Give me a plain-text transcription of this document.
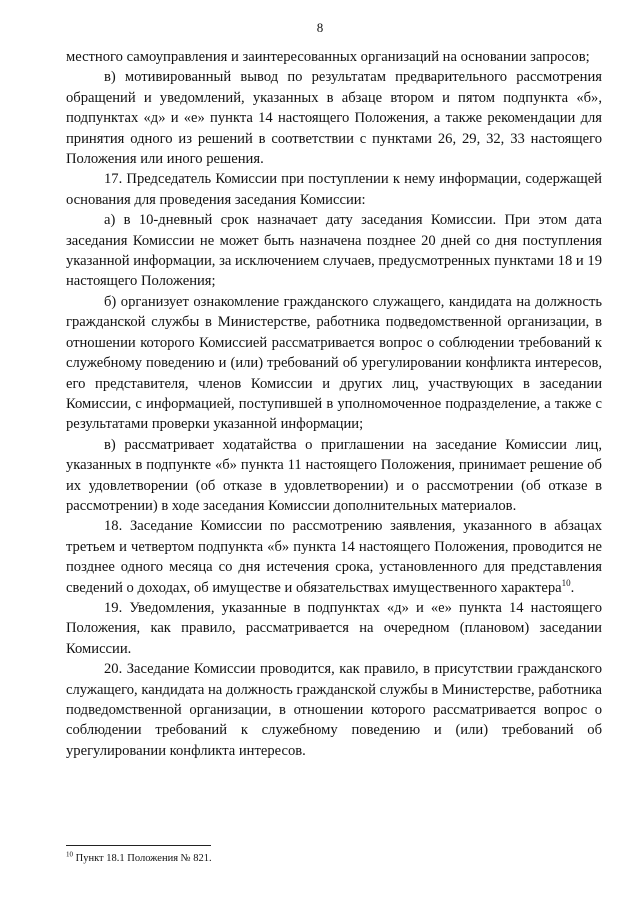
8

местного самоуправления и заинтересованных организаций на основании запросов;

в) мотивированный вывод по результатам предварительного рассмотрения обращений и уведомлений, указанных в абзаце втором и пятом подпункта «б», подпунктах «д» и «е» пункта 14 настоящего Положения, а также рекомендации для принятия одного из решений в соответствии с пунктами 26, 29, 32, 33 настоящего Положения или иного решения.

17. Председатель Комиссии при поступлении к нему информации, содержащей основания для проведения заседания Комиссии:

а) в 10-дневный срок назначает дату заседания Комиссии. При этом дата заседания Комиссии не может быть назначена позднее 20 дней со дня поступления указанной информации, за исключением случаев, предусмотренных пунктами 18 и 19 настоящего Положения;

б) организует ознакомление гражданского служащего, кандидата на должность гражданской службы в Министерстве, работника подведомственной организации, в отношении которого Комиссией рассматривается вопрос о соблюдении требований к служебному поведению и (или) требований об урегулировании конфликта интересов, его представителя, членов Комиссии и других лиц, участвующих в заседании Комиссии, с информацией, поступившей в уполномоченное подразделение, а также с результатами проверки указанной информации;

в) рассматривает ходатайства о приглашении на заседание Комиссии лиц, указанных в подпункте «б» пункта 11 настоящего Положения, принимает решение об их удовлетворении (об отказе в удовлетворении) и о рассмотрении (об отказе в рассмотрении) в ходе заседания Комиссии дополнительных материалов.

18. Заседание Комиссии по рассмотрению заявления, указанного в абзацах третьем и четвертом подпункта «б» пункта 14 настоящего Положения, проводится не позднее одного месяца со дня истечения срока, установленного для представления сведений о доходах, об имуществе и обязательствах имущественного характера$^{10}$.

19. Уведомления, указанные в подпунктах «д» и «е» пункта 14 настоящего Положения, как правило, рассматривается на очередном (плановом) заседании Комиссии.

20. Заседание Комиссии проводится, как правило, в присутствии гражданского служащего, кандидата на должность гражданской службы в Министерстве, работника подведомственной организации, в отношении которого рассматривается вопрос о соблюдении требований к служебному поведению и (или) требований об урегулировании конфликта интересов.

$^{10}$ Пункт 18.1 Положения № 821.
